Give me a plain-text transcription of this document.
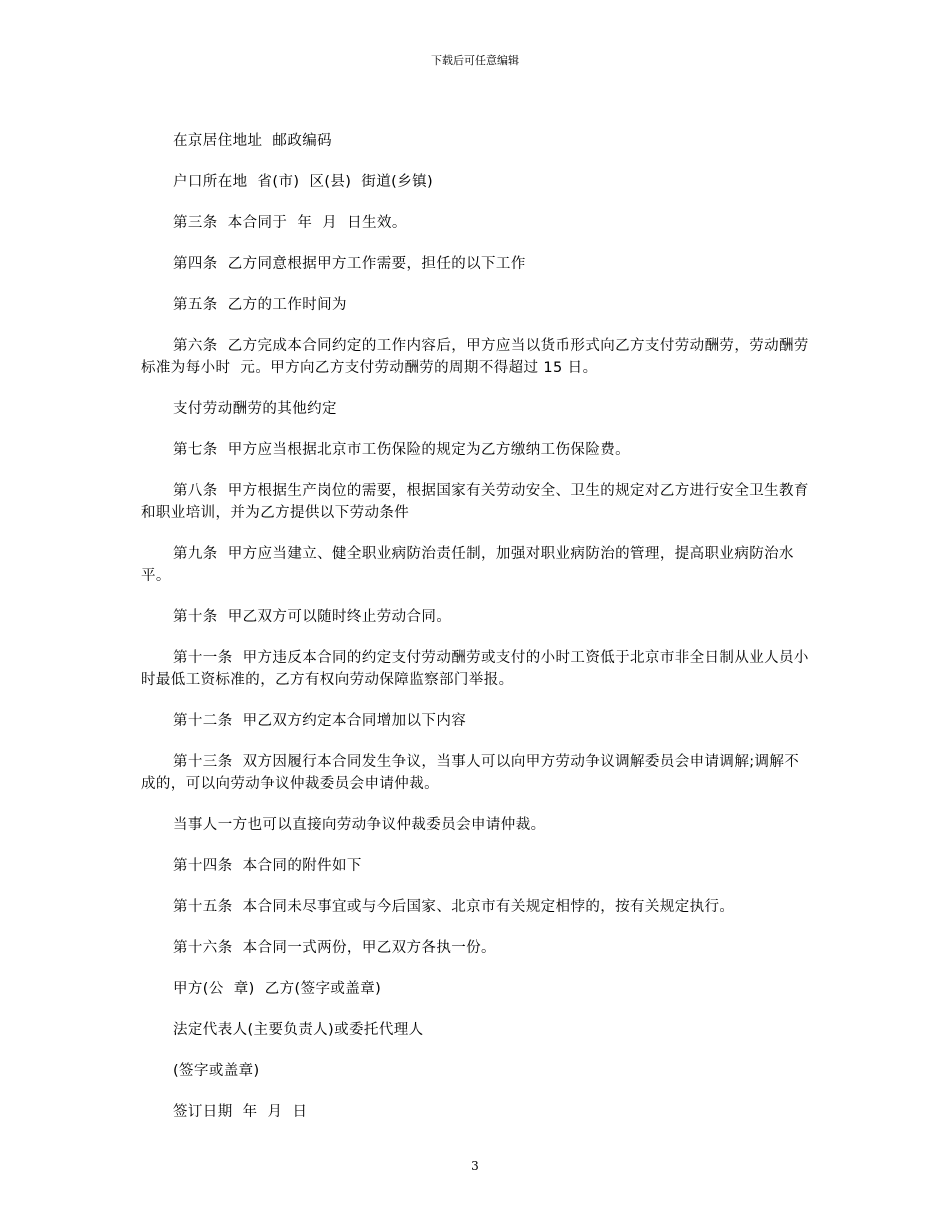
下载后可任意编辑

在京居住地址  邮政编码

户口所在地  省(市)  区(县)  街道(乡镇)

第三条  本合同于  年  月  日生效。

第四条  乙方同意根据甲方工作需要，担任的以下工作

第五条  乙方的工作时间为

第六条  乙方完成本合同约定的工作内容后，甲方应当以货币形式向乙方支付劳动酬劳，劳动酬劳标准为每小时  元。甲方向乙方支付劳动酬劳的周期不得超过 15 日。

支付劳动酬劳的其他约定

第七条  甲方应当根据北京市工伤保险的规定为乙方缴纳工伤保险费。

第八条  甲方根据生产岗位的需要，根据国家有关劳动安全、卫生的规定对乙方进行安全卫生教育和职业培训，并为乙方提供以下劳动条件

第九条  甲方应当建立、健全职业病防治责任制，加强对职业病防治的管理，提高职业病防治水平。

第十条  甲乙双方可以随时终止劳动合同。

第十一条  甲方违反本合同的约定支付劳动酬劳或支付的小时工资低于北京市非全日制从业人员小时最低工资标准的，乙方有权向劳动保障监察部门举报。

第十二条  甲乙双方约定本合同增加以下内容

第十三条  双方因履行本合同发生争议，当事人可以向甲方劳动争议调解委员会申请调解;调解不成的，可以向劳动争议仲裁委员会申请仲裁。

当事人一方也可以直接向劳动争议仲裁委员会申请仲裁。

第十四条  本合同的附件如下

第十五条  本合同未尽事宜或与今后国家、北京市有关规定相悖的，按有关规定执行。

第十六条  本合同一式两份，甲乙双方各执一份。

甲方(公  章)  乙方(签字或盖章)

法定代表人(主要负责人)或委托代理人

(签字或盖章)

签订日期  年  月  日

3
